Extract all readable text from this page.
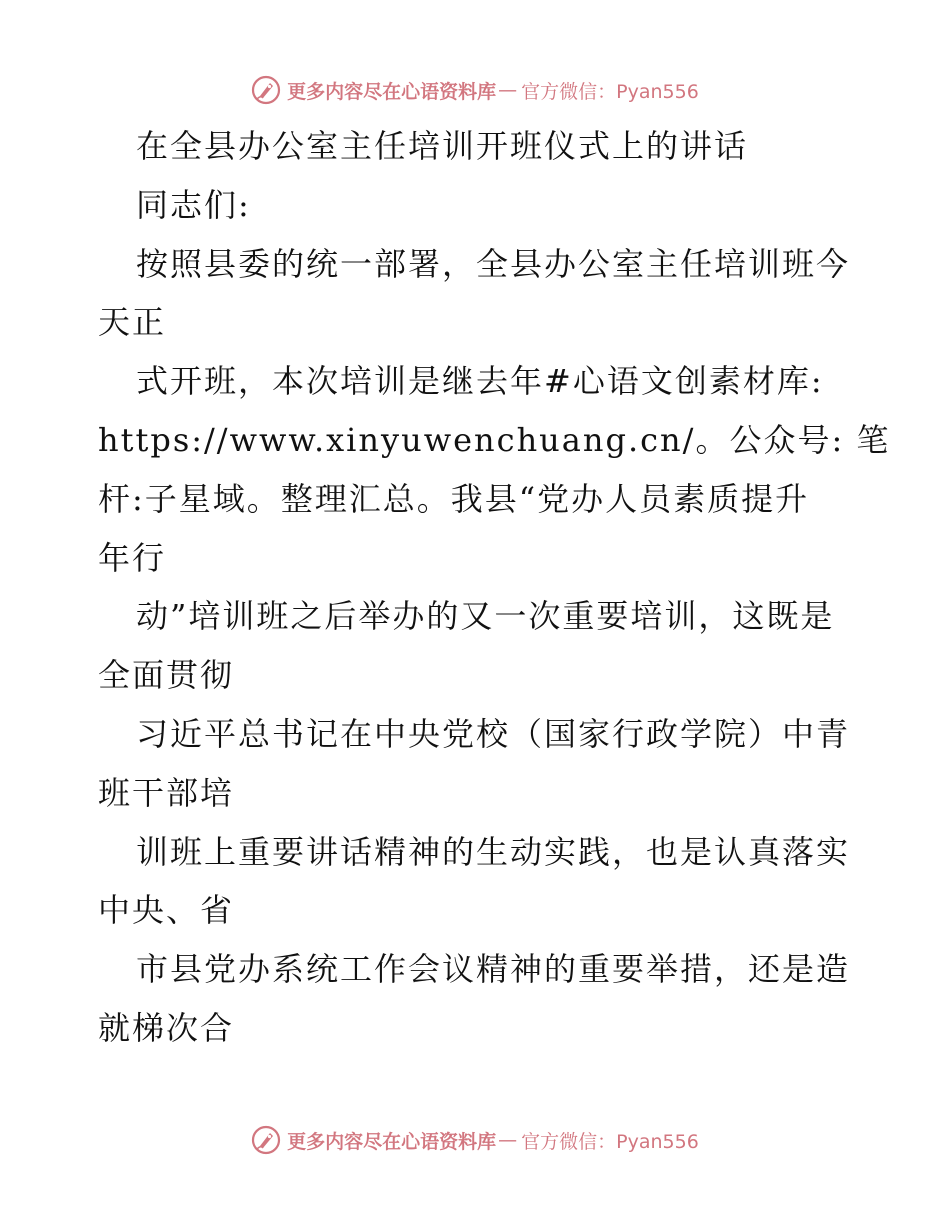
更多内容尽在心语资料库 — 官方微信：Pyan556
在全县办公室主任培训开班仪式上的讲话
同志们:
按照县委的统一部署，全县办公室主任培训班今
天正
式开班，本次培训是继去年#心语文创素材库:
https://www.xinyuwenchuang.cn/。公众号: 笔
杆:子星域。整理汇总。我县“党办人员素质提升
年行
动”培训班之后举办的又一次重要培训，这既是
全面贯彻
习近平总书记在中央党校（国家行政学院）中青
班干部培
训班上重要讲话精神的生动实践，也是认真落实
中央、省
市县党办系统工作会议精神的重要举措，还是造
就梯次合
更多内容尽在心语资料库 — 官方微信：Pyan556
